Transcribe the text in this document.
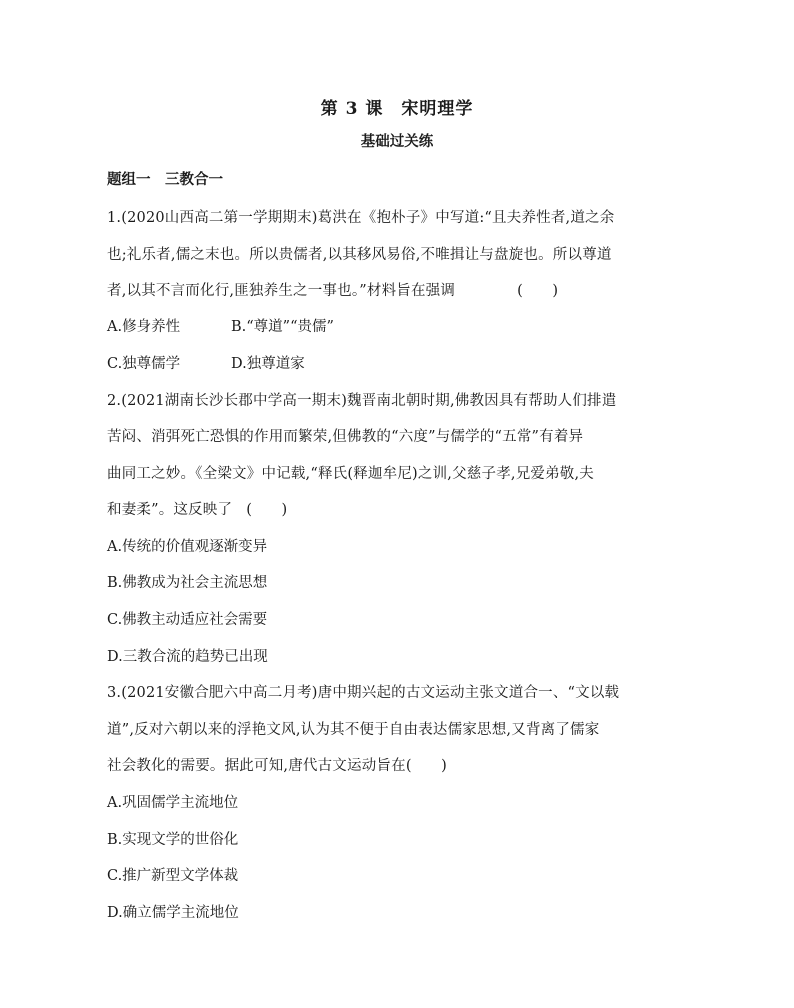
第 3 课　宋明理学
基础过关练
题组一　三教合一
1.(2020山西高二第一学期期末)葛洪在《抱朴子》中写道:“且夫养性者,道之余
也;礼乐者,儒之末也。所以贵儒者,以其移风易俗,不唯揖让与盘旋也。所以尊道
者,以其不言而化行,匪独养生之一事也。”材料旨在强调	(　　)
A.修身养性	B.“尊道”“贵儒”
C.独尊儒学	D.独尊道家
2.(2021湖南长沙长郡中学高一期末)魏晋南北朝时期,佛教因具有帮助人们排遣
苦闷、消弭死亡恐惧的作用而繁荣,但佛教的“六度”与儒学的“五常”有着异
曲同工之妙。《全梁文》中记载,“释氏(释迦牟尼)之训,父慈子孝,兄爱弟敬,夫
和妻柔”。这反映了 (　　)
A.传统的价值观逐渐变异
B.佛教成为社会主流思想
C.佛教主动适应社会需要
D.三教合流的趋势已出现
3.(2021安徽合肥六中高二月考)唐中期兴起的古文运动主张文道合一、“文以载
道”,反对六朝以来的浮艳文风,认为其不便于自由表达儒家思想,又背离了儒家
社会教化的需要。据此可知,唐代古文运动旨在(　　)
A.巩固儒学主流地位
B.实现文学的世俗化
C.推广新型文学体裁
D.确立儒学主流地位
